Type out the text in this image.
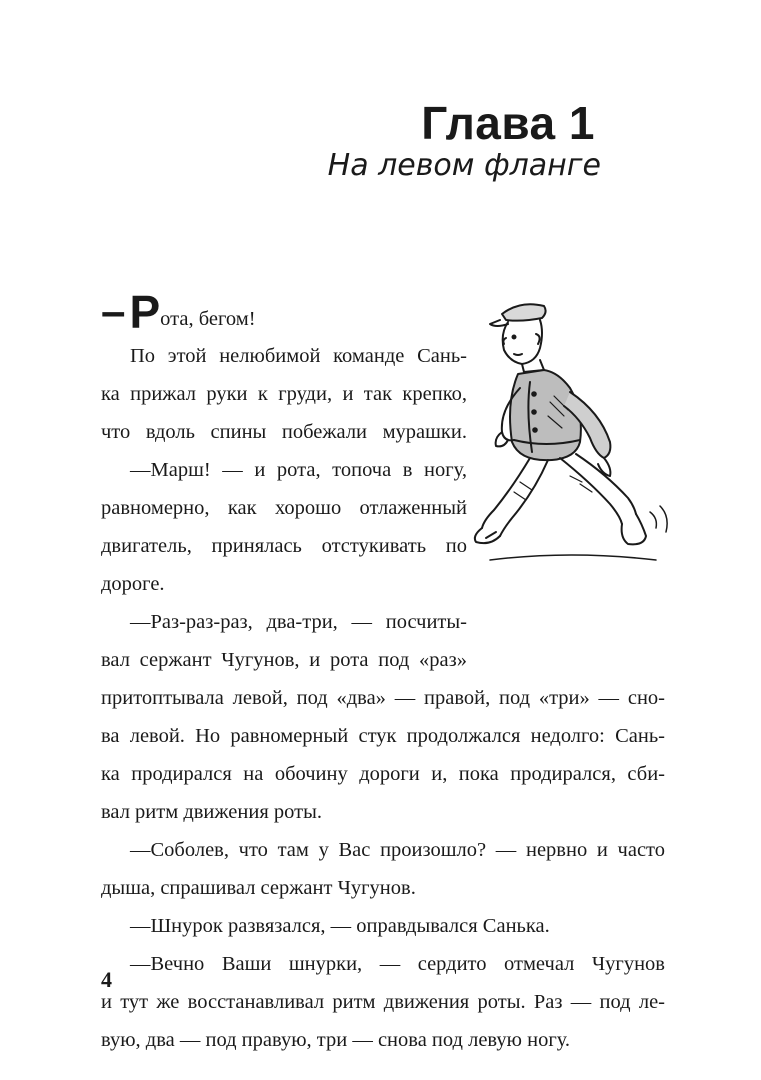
Глава 1
На левом фланге
–Рота, бегом!
По этой нелюбимой команде Сань-
ка прижал руки к груди, и так крепко,
что вдоль спины побежали мурашки.
—Марш! — и рота, топоча в ногу,
равномерно, как хорошо отлаженный
двигатель, принялась отстукивать по
дороге.
—Раз-раз-раз, два-три, — посчиты-
вал сержант Чугунов, и рота под «раз»
притоптывала левой, под «два» — правой, под «три» — сно-
ва левой. Но равномерный стук продолжался недолго: Сань-
ка продирался на обочину дороги и, пока продирался, сби-
вал ритм движения роты.
—Соболев, что там у Вас произошло? — нервно и часто
дыша, спрашивал сержант Чугунов.
—Шнурок развязался, — оправдывался Санька.
—Вечно Ваши шнурки, — сердито отмечал Чугунов
и тут же восстанавливал ритм движения роты. Раз — под ле-
вую, два — под правую, три — снова под левую ногу.
4
